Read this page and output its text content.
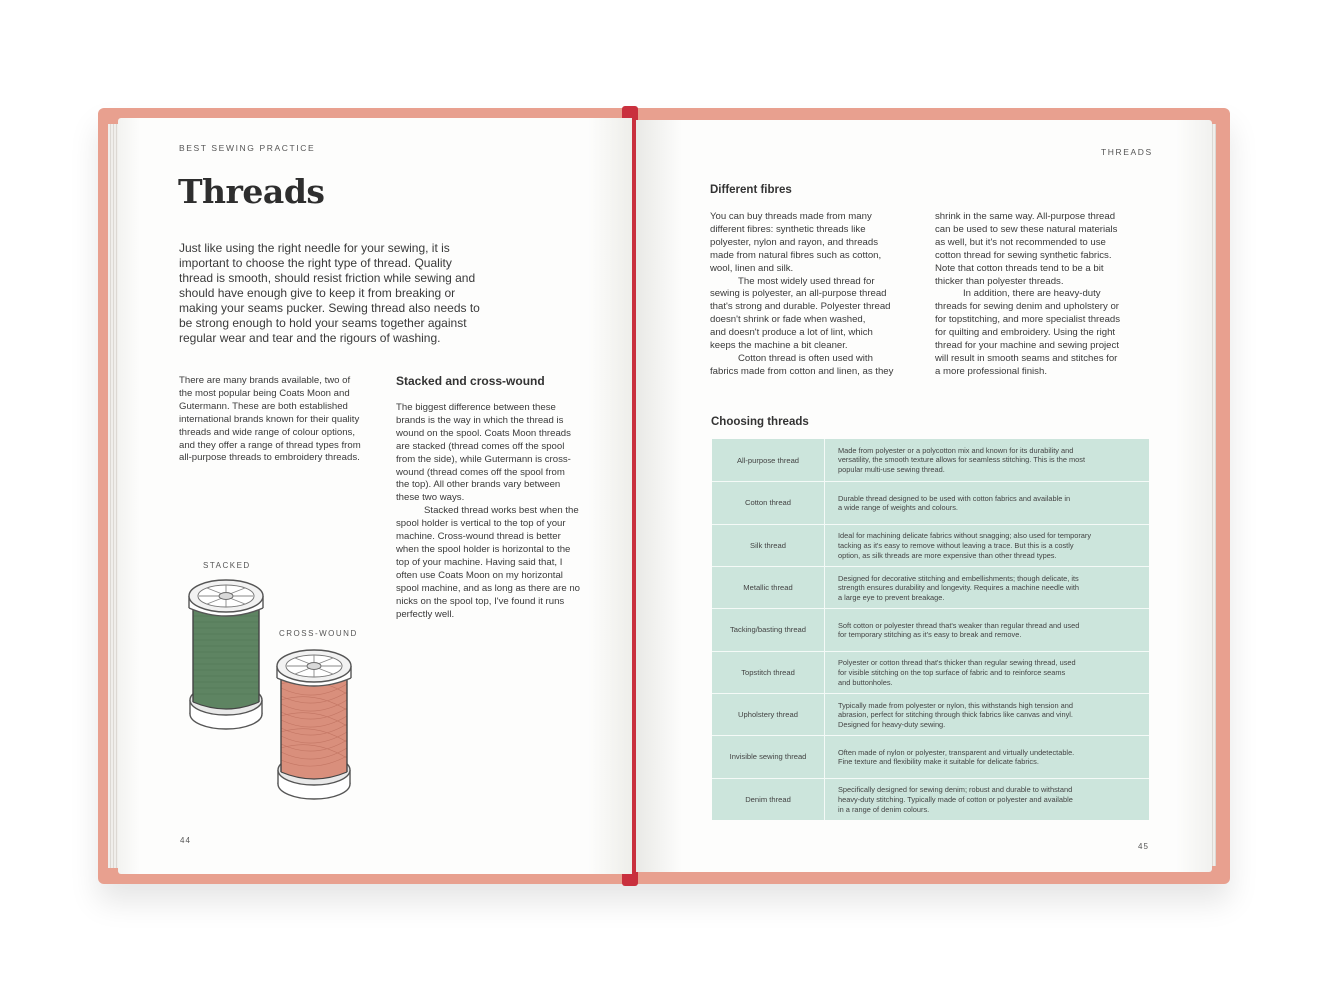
BEST SEWING PRACTICE
Threads
Just like using the right needle for your sewing, it is
important to choose the right type of thread. Quality
thread is smooth, should resist friction while sewing and
should have enough give to keep it from breaking or
making your seams pucker. Sewing thread also needs to
be strong enough to hold your seams together against
regular wear and tear and the rigours of washing.
There are many brands available, two of
the most popular being Coats Moon and
Gutermann. These are both established
international brands known for their quality
threads and wide range of colour options,
and they offer a range of thread types from
all-purpose threads to embroidery threads.
Stacked and cross-wound
The biggest difference between these
brands is the way in which the thread is
wound on the spool. Coats Moon threads
are stacked (thread comes off the spool
from the side), while Gutermann is cross-
wound (thread comes off the spool from
the top). All other brands vary between
these two ways.
Stacked thread works best when the
spool holder is vertical to the top of your
machine. Cross-wound thread is better
when the spool holder is horizontal to the
top of your machine. Having said that, I
often use Coats Moon on my horizontal
spool machine, and as long as there are no
nicks on the spool top, I've found it runs
perfectly well.
STACKED
CROSS-WOUND
44
THREADS
Different fibres
You can buy threads made from many
different fibres: synthetic threads like
polyester, nylon and rayon, and threads
made from natural fibres such as cotton,
wool, linen and silk.
The most widely used thread for
sewing is polyester, an all-purpose thread
that's strong and durable. Polyester thread
doesn't shrink or fade when washed,
and doesn't produce a lot of lint, which
keeps the machine a bit cleaner.
Cotton thread is often used with
fabrics made from cotton and linen, as they
shrink in the same way. All-purpose thread
can be used to sew these natural materials
as well, but it's not recommended to use
cotton thread for sewing synthetic fabrics.
Note that cotton threads tend to be a bit
thicker than polyester threads.
In addition, there are heavy-duty
threads for sewing denim and upholstery or
for topstitching, and more specialist threads
for quilting and embroidery. Using the right
thread for your machine and sewing project
will result in smooth seams and stitches for
a more professional finish.
Choosing threads
All-purpose thread
Made from polyester or a polycotton mix and known for its durability and
versatility, the smooth texture allows for seamless stitching. This is the most
popular multi-use sewing thread.
Cotton thread
Durable thread designed to be used with cotton fabrics and available in
a wide range of weights and colours.
Silk thread
Ideal for machining delicate fabrics without snagging; also used for temporary
tacking as it's easy to remove without leaving a trace. But this is a costly
option, as silk threads are more expensive than other thread types.
Metallic thread
Designed for decorative stitching and embellishments; though delicate, its
strength ensures durability and longevity. Requires a machine needle with
a large eye to prevent breakage.
Tacking/basting thread
Soft cotton or polyester thread that's weaker than regular thread and used
for temporary stitching as it's easy to break and remove.
Topstitch thread
Polyester or cotton thread that's thicker than regular sewing thread, used
for visible stitching on the top surface of fabric and to reinforce seams
and buttonholes.
Upholstery thread
Typically made from polyester or nylon, this withstands high tension and
abrasion, perfect for stitching through thick fabrics like canvas and vinyl.
Designed for heavy-duty sewing.
Invisible sewing thread
Often made of nylon or polyester, transparent and virtually undetectable.
Fine texture and flexibility make it suitable for delicate fabrics.
Denim thread
Specifically designed for sewing denim; robust and durable to withstand
heavy-duty stitching. Typically made of cotton or polyester and available
in a range of denim colours.
45
